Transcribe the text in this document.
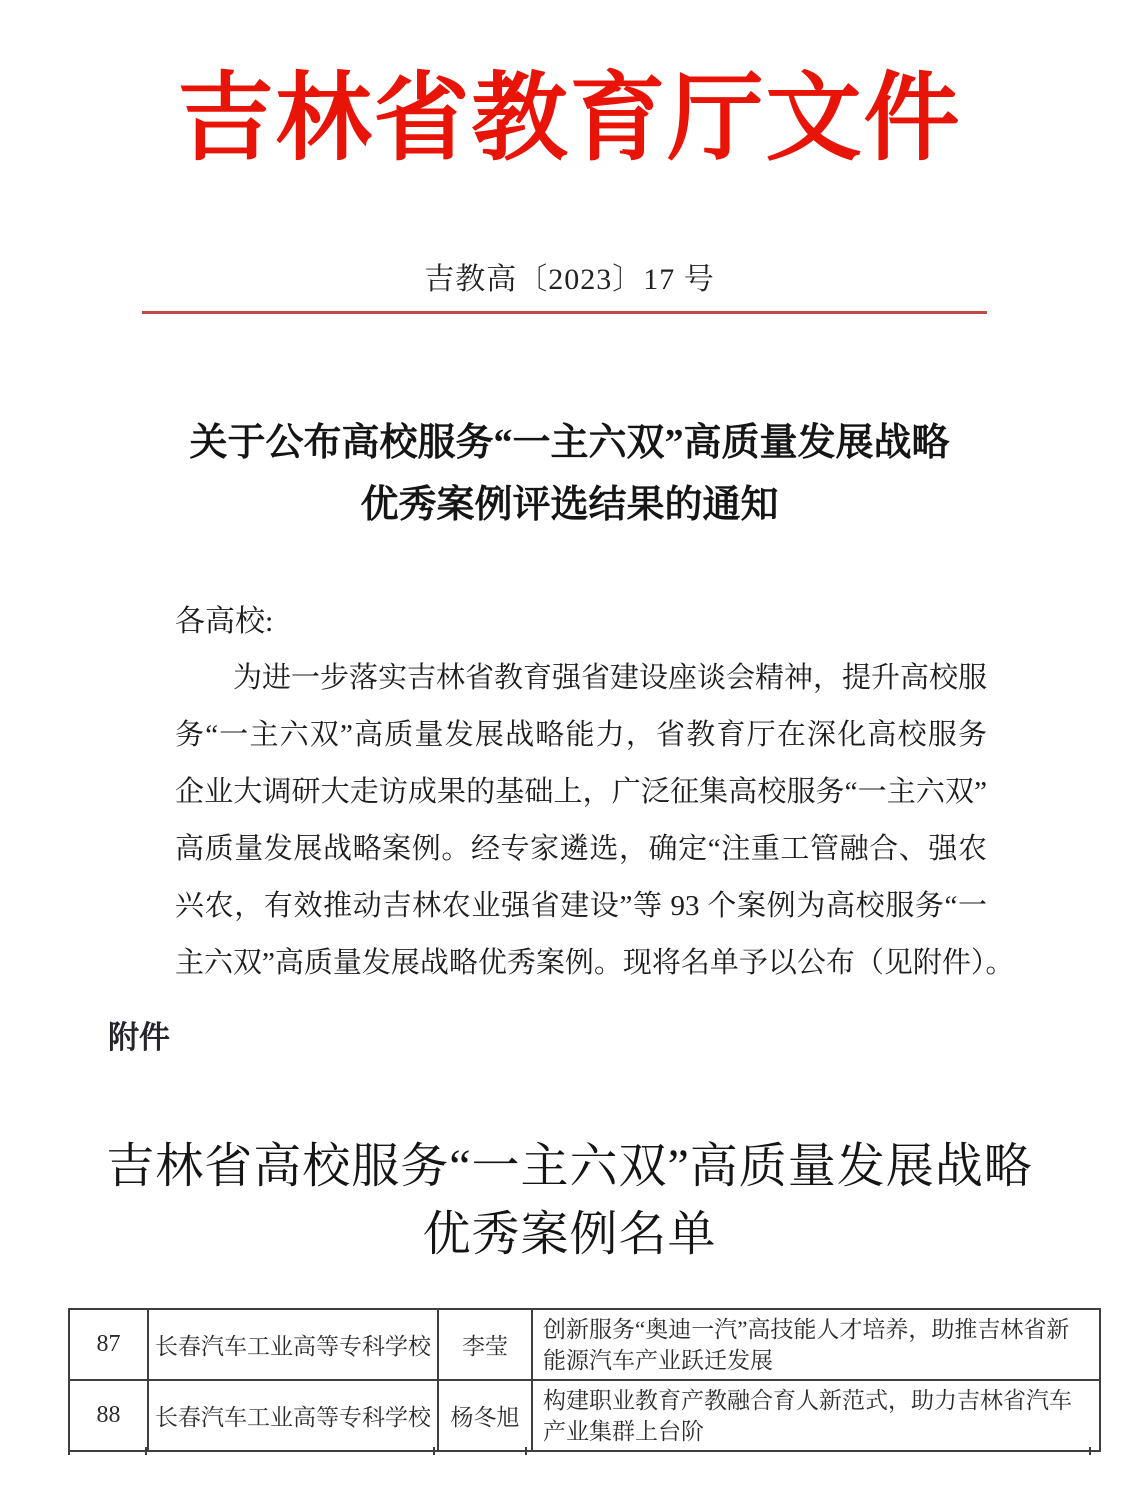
吉林省教育厅文件
吉教高〔2023〕17 号
关于公布高校服务“一主六双”高质量发展战略
优秀案例评选结果的通知
各高校:
为进一步落实吉林省教育强省建设座谈会精神，提升高校服
务“一主六双”高质量发展战略能力，省教育厅在深化高校服务
企业大调研大走访成果的基础上，广泛征集高校服务“一主六双”
高质量发展战略案例。经专家遴选，确定“注重工管融合、强农
兴农，有效推动吉林农业强省建设”等 93 个案例为高校服务“一
主六双”高质量发展战略优秀案例。现将名单予以公布（见附件）。
附件
吉林省高校服务“一主六双”高质量发展战略
优秀案例名单
87	长春汽车工业高等专科学校	李莹	创新服务“奥迪一汽”高技能人才培养，助推吉林省新能源汽车产业跃迁发展
88	长春汽车工业高等专科学校	杨冬旭	构建职业教育产教融合育人新范式，助力吉林省汽车产业集群上台阶
